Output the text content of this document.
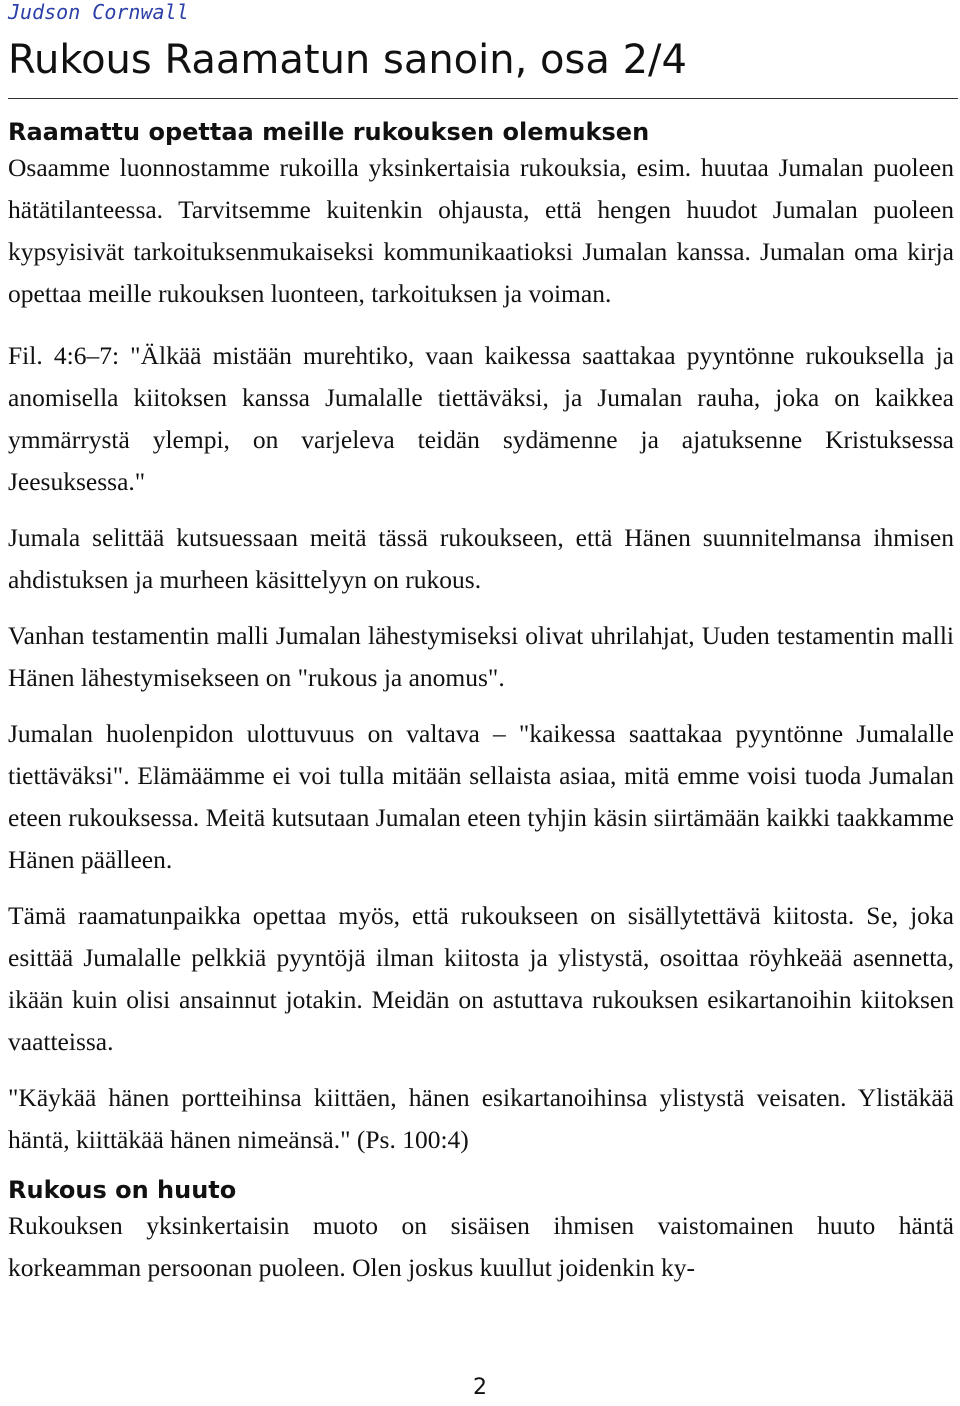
Judson Cornwall
Rukous Raamatun sanoin, osa 2/4
Raamattu opettaa meille rukouksen olemuksen

Osaamme luonnostamme rukoilla yksinkertaisia rukouksia, esim. huutaa Jumalan puoleen hätätilanteessa. Tarvitsemme kuitenkin ohjausta, että hengen huudot Jumalan puoleen kypsyisivät tarkoituksenmukaiseksi kommunikaatioksi Jumalan kanssa. Jumalan oma kirja opettaa meille rukouksen luonteen, tarkoituksen ja voiman.

Fil. 4:6–7: "Älkää mistään murehtiko, vaan kaikessa saattakaa pyyntönne rukouksella ja anomisella kiitoksen kanssa Jumalalle tiettäväksi, ja Jumalan rauha, joka on kaikkea ymmärrystä ylempi, on varjeleva teidän sydämenne ja ajatuksenne Kristuksessa Jeesuksessa."

Jumala selittää kutsuessaan meitä tässä rukoukseen, että Hänen suunnitelmansa ihmisen ahdistuksen ja murheen käsittelyyn on rukous.

Vanhan testamentin malli Jumalan lähestymiseksi olivat uhrilahjat, Uuden testamentin malli Hänen lähestymisekseen on "rukous ja anomus".

Jumalan huolenpidon ulottuvuus on valtava – "kaikessa saattakaa pyyntönne Jumalalle tiettäväksi". Elämäämme ei voi tulla mitään sellaista asiaa, mitä emme voisi tuoda Jumalan eteen rukouksessa. Meitä kutsutaan Jumalan eteen tyhjin käsin siirtämään kaikki taakkamme Hänen päälleen.

Tämä raamatunpaikka opettaa myös, että rukoukseen on sisällytettävä kiitosta. Se, joka esittää Jumalalle pelkkiä pyyntöjä ilman kiitosta ja ylistystä, osoittaa röyhkeää asennetta, ikään kuin olisi ansainnut jotakin. Meidän on astuttava rukouksen esikartanoihin kiitoksen vaatteissa.

"Käykää hänen portteihinsa kiittäen, hänen esikartanoihinsa ylistystä veisaten. Ylistäkää häntä, kiittäkää hänen nimeänsä." (Ps. 100:4)

Rukous on huuto

Rukouksen yksinkertaisin muoto on sisäisen ihmisen vaistomainen huuto häntä korkeamman persoonan puoleen. Olen joskus kuullut joidenkin ky-

2
